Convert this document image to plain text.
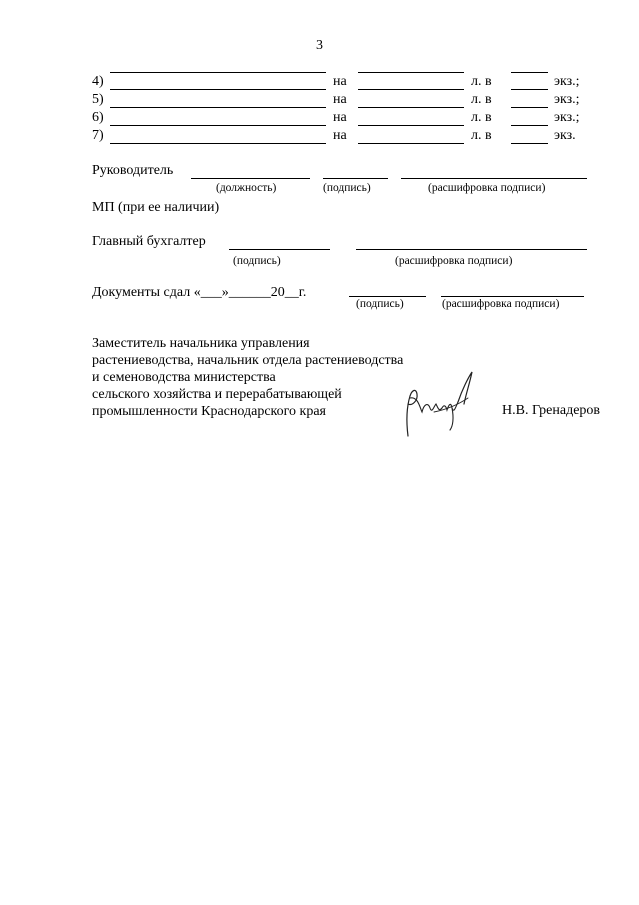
3
4)	на	л. в	экз.;
5)	на	л. в	экз.;
6)	на	л. в	экз.;
7)	на	л. в	экз.
Руководитель
(должность)	(подпись)	(расшифровка подписи)
МП (при ее наличии)
Главный бухгалтер
(подпись)	(расшифровка подписи)
Документы сдал «___»______20__г.
(подпись)	(расшифровка подписи)
Заместитель начальника управления
растениеводства, начальник отдела растениеводства
и семеноводства министерства
сельского хозяйства и перерабатывающей
промышленности Краснодарского края	Н.В. Гренадеров
